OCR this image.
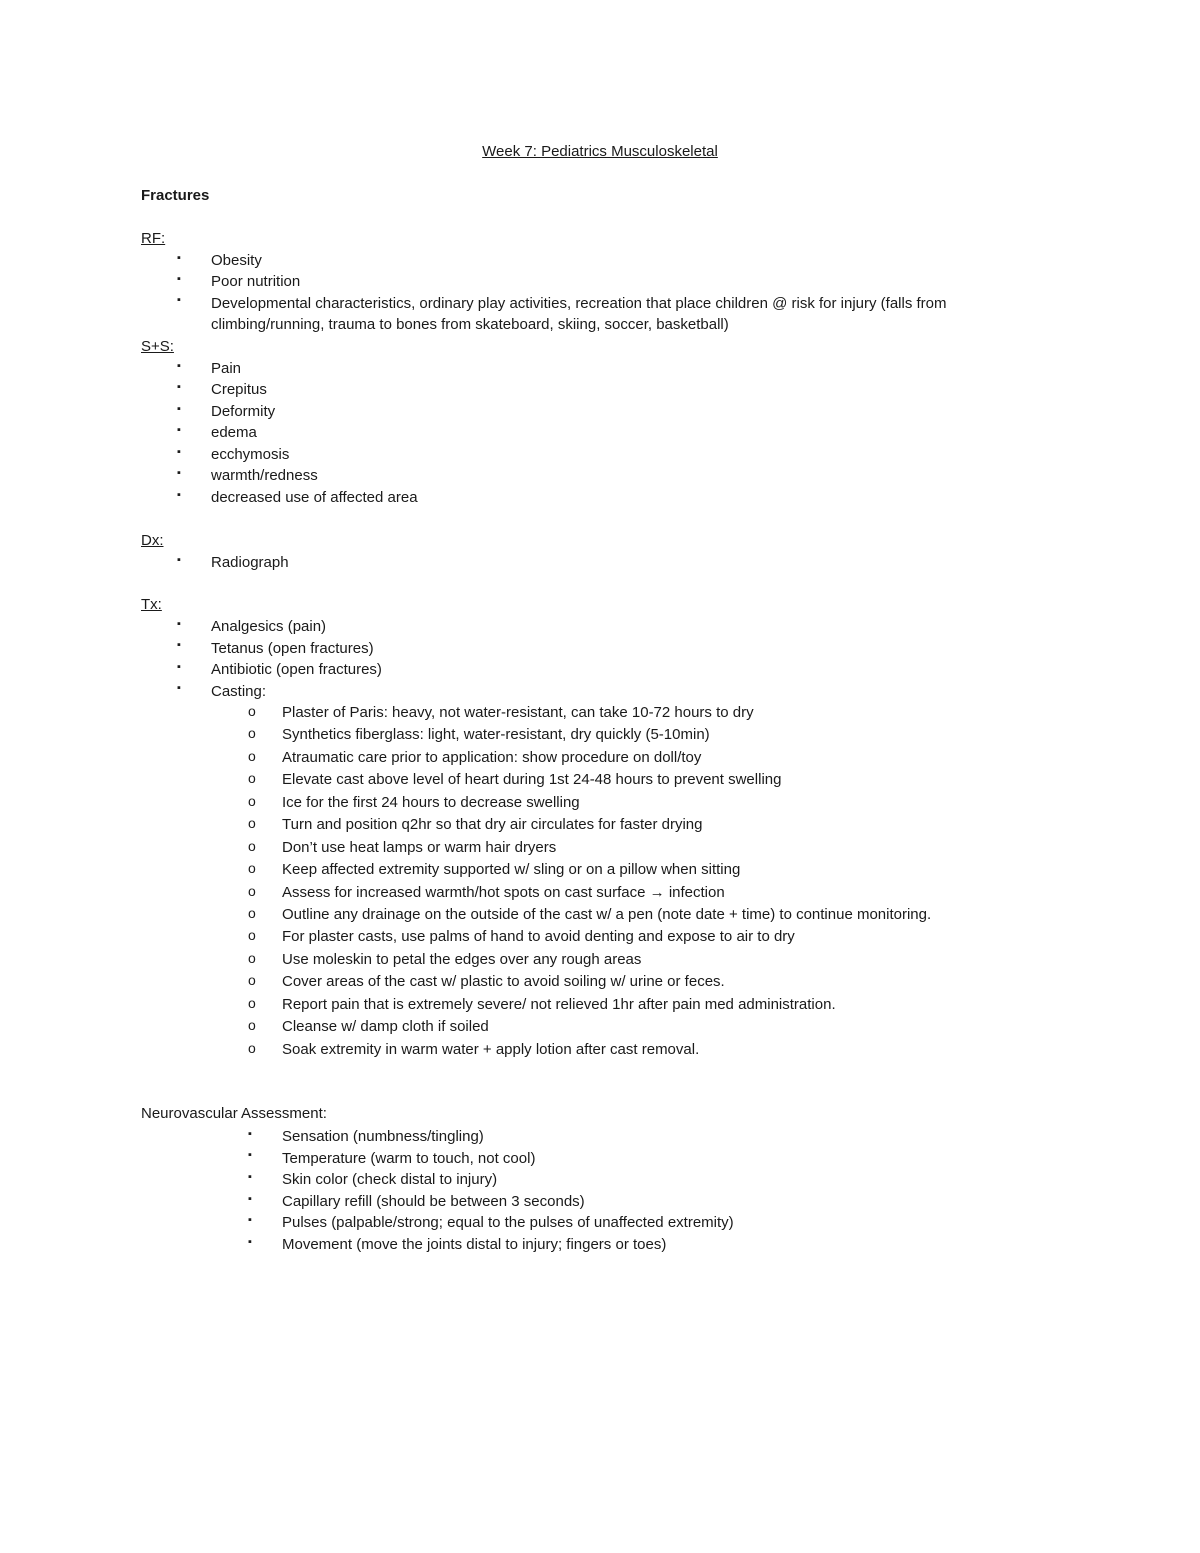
Week 7: Pediatrics Musculoskeletal
Fractures
RF:
▪ Obesity
▪ Poor nutrition
▪ Developmental characteristics, ordinary play activities, recreation that place children @ risk for injury (falls from
climbing/running, trauma to bones from skateboard, skiing, soccer, basketball)
S+S:
▪ Pain
▪ Crepitus
▪ Deformity
▪ edema
▪ ecchymosis
▪ warmth/redness
▪ decreased use of affected area
Dx:
▪ Radiograph
Tx:
▪ Analgesics (pain)
▪ Tetanus (open fractures)
▪ Antibiotic (open fractures)
▪ Casting:
o Plaster of Paris: heavy, not water-resistant, can take 10-72 hours to dry
o Synthetics fiberglass: light, water-resistant, dry quickly (5-10min)
o Atraumatic care prior to application: show procedure on doll/toy
o Elevate cast above level of heart during 1st 24-48 hours to prevent swelling
o Ice for the first 24 hours to decrease swelling
o Turn and position q2hr so that dry air circulates for faster drying
o Don’t use heat lamps or warm hair dryers
o Keep affected extremity supported w/ sling or on a pillow when sitting
o Assess for increased warmth/hot spots on cast surface → infection
o Outline any drainage on the outside of the cast w/ a pen (note date + time) to continue monitoring.
o For plaster casts, use palms of hand to avoid denting and expose to air to dry
o Use moleskin to petal the edges over any rough areas
o Cover areas of the cast w/ plastic to avoid soiling w/ urine or feces.
o Report pain that is extremely severe/ not relieved 1hr after pain med administration.
o Cleanse w/ damp cloth if soiled
o Soak extremity in warm water + apply lotion after cast removal.
Neurovascular Assessment:
▪ Sensation (numbness/tingling)
▪ Temperature (warm to touch, not cool)
▪ Skin color (check distal to injury)
▪ Capillary refill (should be between 3 seconds)
▪ Pulses (palpable/strong; equal to the pulses of unaffected extremity)
▪ Movement (move the joints distal to injury; fingers or toes)
